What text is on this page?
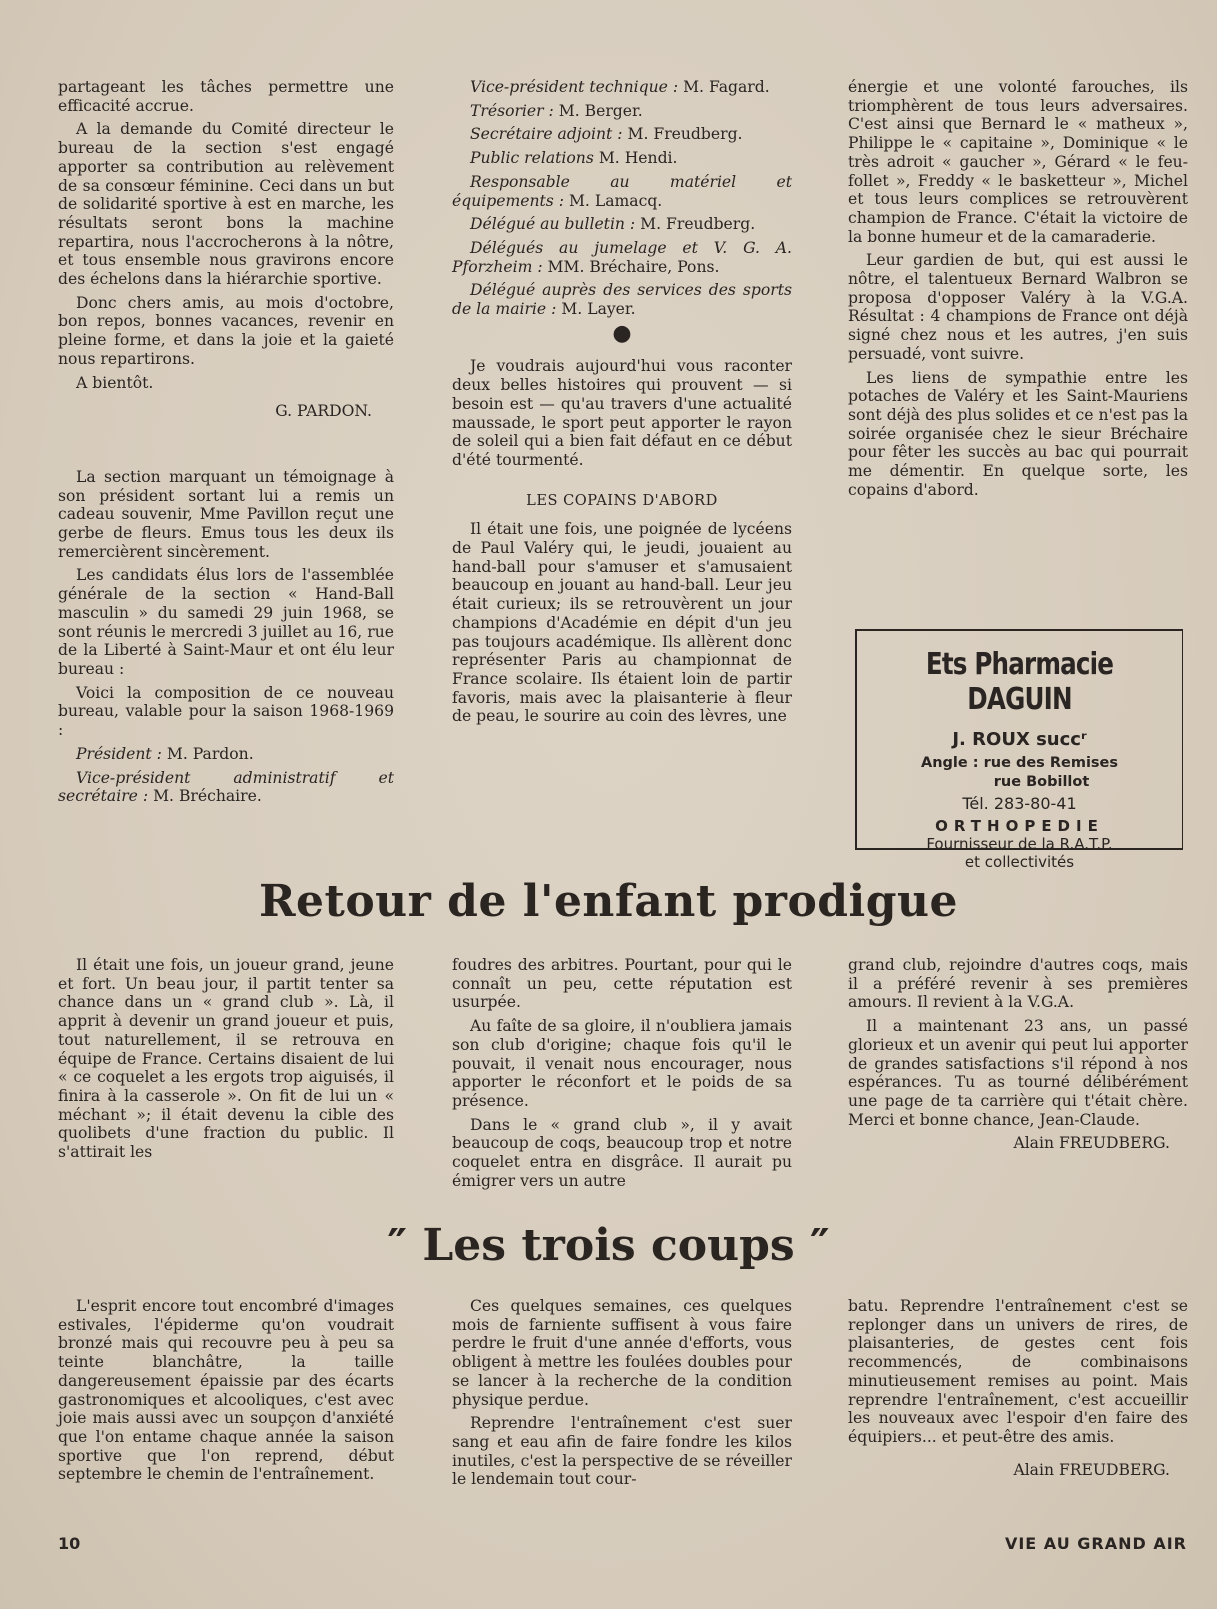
partageant les tâches permettre une efficacité accrue.

A la demande du Comité directeur le bureau de la section s'est engagé apporter sa contribution au relèvement de sa consœur féminine. Ceci dans un but de solidarité sportive à est en marche, les résultats seront bons la machine repartira, nous l'accrocherons à la nôtre, et tous ensemble nous gravirons encore des échelons dans la hiérarchie sportive.

Donc chers amis, au mois d'octobre, bon repos, bonnes vacances, revenir en pleine forme, et dans la joie et la gaieté nous repartirons.

A bientôt.

G. PARDON.

La section marquant un témoignage à son président sortant lui a remis un cadeau souvenir, Mme Pavillon reçut une gerbe de fleurs. Emus tous les deux ils remercièrent sincèrement.

Les candidats élus lors de l'assemblée générale de la section « Hand-Ball masculin » du samedi 29 juin 1968, se sont réunis le mercredi 3 juillet au 16, rue de la Liberté à Saint-Maur et ont élu leur bureau :

Voici la composition de ce nouveau bureau, valable pour la saison 1968-1969 :

Président : M. Pardon.

Vice-président administratif et secrétaire : M. Bréchaire.

Vice-président technique : M. Fagard.

Trésorier : M. Berger.

Secrétaire adjoint : M. Freudberg.

Public relations M. Hendi.

Responsable au matériel et équipements : M. Lamacq.

Délégué au bulletin : M. Freudberg.

Délégués au jumelage et V. G. A. Pforzheim : MM. Bréchaire, Pons.

Délégué auprès des services des sports de la mairie : M. Layer.

●

Je voudrais aujourd'hui vous raconter deux belles histoires qui prouvent — si besoin est — qu'au travers d'une actualité maussade, le sport peut apporter le rayon de soleil qui a bien fait défaut en ce début d'été tourmenté.

LES COPAINS D'ABORD

Il était une fois, une poignée de lycéens de Paul Valéry qui, le jeudi, jouaient au hand-ball pour s'amuser et s'amusaient beaucoup en jouant au hand-ball. Leur jeu était curieux; ils se retrouvèrent un jour champions d'Académie en dépit d'un jeu pas toujours académique. Ils allèrent donc représenter Paris au championnat de France scolaire. Ils étaient loin de partir favoris, mais avec la plaisanterie à fleur de peau, le sourire au coin des lèvres, une

énergie et une volonté farouches, ils triomphèrent de tous leurs adversaires. C'est ainsi que Bernard le « matheux », Philippe le « capitaine », Dominique « le très adroit « gaucher », Gérard « le feu-follet », Freddy « le basketteur », Michel et tous leurs complices se retrouvèrent champion de France. C'était la victoire de la bonne humeur et de la camaraderie.

Leur gardien de but, qui est aussi le nôtre, el talentueux Bernard Walbron se proposa d'opposer Valéry à la V.G.A. Résultat : 4 champions de France ont déjà signé chez nous et les autres, j'en suis persuadé, vont suivre.

Les liens de sympathie entre les potaches de Valéry et les Saint-Mauriens sont déjà des plus solides et ce n'est pas la soirée organisée chez le sieur Bréchaire pour fêter les succès au bac qui pourrait me démentir. En quelque sorte, les copains d'abord.

Ets Pharmacie DAGUIN
J. ROUX succʳ
Angle : rue des Remises
rue Bobillot
Tél. 283-80-41
ORTHOPEDIE
Fournisseur de la R.A.T.P.
et collectivités
Retour de l'enfant prodigue

Il était une fois, un joueur grand, jeune et fort. Un beau jour, il partit tenter sa chance dans un « grand club ». Là, il apprit à devenir un grand joueur et puis, tout naturellement, il se retrouva en équipe de France. Certains disaient de lui « ce coquelet a les ergots trop aiguisés, il finira à la casserole ». On fit de lui un « méchant »; il était devenu la cible des quolibets d'une fraction du public. Il s'attirait les

foudres des arbitres. Pourtant, pour qui le connaît un peu, cette réputation est usurpée.

Au faîte de sa gloire, il n'oubliera jamais son club d'origine; chaque fois qu'il le pouvait, il venait nous encourager, nous apporter le réconfort et le poids de sa présence.

Dans le « grand club », il y avait beaucoup de coqs, beaucoup trop et notre coquelet entra en disgrâce. Il aurait pu émigrer vers un autre

grand club, rejoindre d'autres coqs, mais il a préféré revenir à ses premières amours. Il revient à la V.G.A.

Il a maintenant 23 ans, un passé glorieux et un avenir qui peut lui apporter de grandes satisfactions s'il répond à nos espérances. Tu as tourné délibérément une page de ta carrière qui t'était chère. Merci et bonne chance, Jean-Claude.

Alain FREUDBERG.

″ Les trois coups ″

L'esprit encore tout encombré d'images estivales, l'épiderme qu'on voudrait bronzé mais qui recouvre peu à peu sa teinte blanchâtre, la taille dangereusement épaissie par des écarts gastronomiques et alcooliques, c'est avec joie mais aussi avec un soupçon d'anxiété que l'on entame chaque année la saison sportive que l'on reprend, début septembre le chemin de l'entraînement.

Ces quelques semaines, ces quelques mois de farniente suffisent à vous faire perdre le fruit d'une année d'efforts, vous obligent à mettre les foulées doubles pour se lancer à la recherche de la condition physique perdue.

Reprendre l'entraînement c'est suer sang et eau afin de faire fondre les kilos inutiles, c'est la perspective de se réveiller le lendemain tout cour-

batu. Reprendre l'entraînement c'est se replonger dans un univers de rires, de plaisanteries, de gestes cent fois recommencés, de combinaisons minutieusement remises au point. Mais reprendre l'entraînement, c'est accueillir les nouveaux avec l'espoir d'en faire des équipiers... et peut-être des amis.

Alain FREUDBERG.

10	VIE AU GRAND AIR
